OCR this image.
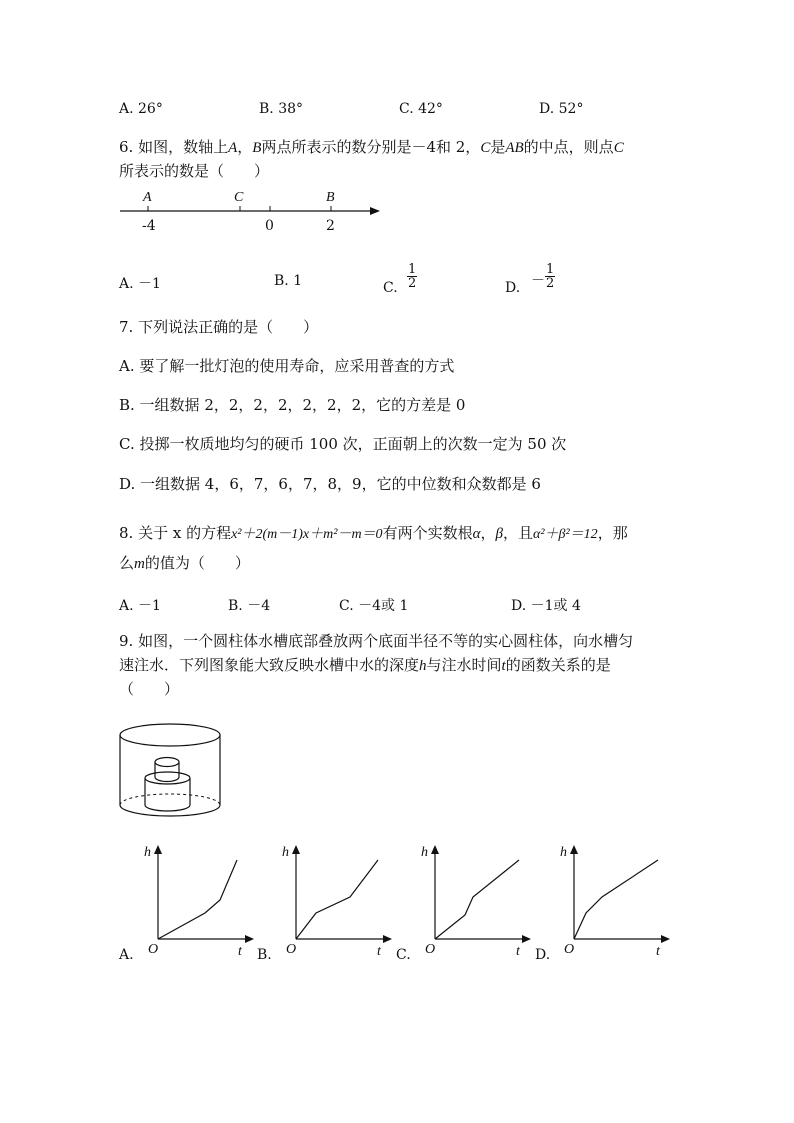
A. 26°	B. 38°	C. 42°	D. 52°
6. 如图，数轴上A，B两点所表示的数分别是－4和 2，C是AB的中点，则点C
所表示的数是（　　）
A	C	B
-4	0	2
A. －1	B. 1	C. $\frac{1}{2}$	D. － $\frac{1}{2}$
7. 下列说法正确的是（　　）
A. 要了解一批灯泡的使用寿命，应采用普查的方式
B. 一组数据 2，2，2，2，2，2，2，它的方差是 0
C. 投掷一枚质地均匀的硬币 100 次，正面朝上的次数一定为 50 次
D. 一组数据 4，6，7，6，7，8，9，它的中位数和众数都是 6
8. 关于 x 的方程x²＋2(m－1)x＋m²－m＝0有两个实数根α，β，且α²＋β²＝12，那
么m的值为（　　）
A. －1	B. －4	C. －4或 1	D. －1或 4
9. 如图，一个圆柱体水槽底部叠放两个底面半径不等的实心圆柱体，向水槽匀
速注水．下列图象能大致反映水槽中水的深度h与注水时间t的函数关系的是
（　　）
h
t
O
A.
h
t
O
B.
h
t
O
C.
h
t
O
D.
